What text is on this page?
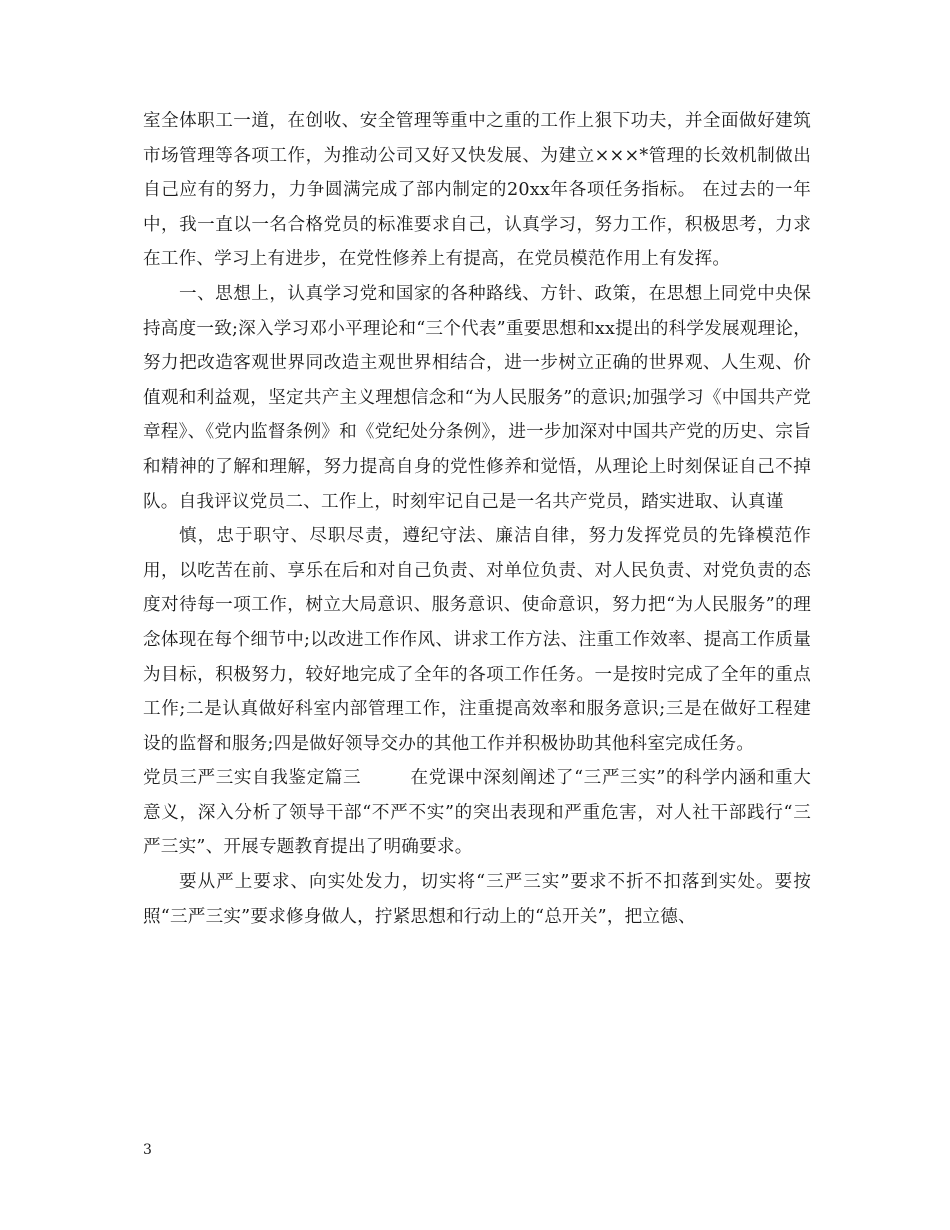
室全体职工一道，在创收、安全管理等重中之重的工作上狠下功夫，并全面做好建筑市场管理等各项工作，为推动公司又好又快发展、为建立×××*管理的长效机制做出自己应有的努力，力争圆满完成了部内制定的20xx年各项任务指标。 在过去的一年中，我一直以一名合格党员的标准要求自己，认真学习，努力工作，积极思考，力求在工作、学习上有进步，在党性修养上有提高，在党员模范作用上有发挥。

一、思想上，认真学习党和国家的各种路线、方针、政策，在思想上同党中央保持高度一致;深入学习邓小平理论和“三个代表”重要思想和xx提出的科学发展观理论，努力把改造客观世界同改造主观世界相结合，进一步树立正确的世界观、人生观、价值观和利益观，坚定共产主义理想信念和“为人民服务”的意识;加强学习《中国共产党章程》、《党内监督条例》和《党纪处分条例》，进一步加深对中国共产党的历史、宗旨和精神的了解和理解，努力提高自身的党性修养和觉悟，从理论上时刻保证自己不掉队。自我评议党员二、工作上，时刻牢记自己是一名共产党员，踏实进取、认真谨

慎，忠于职守、尽职尽责，遵纪守法、廉洁自律，努力发挥党员的先锋模范作用，以吃苦在前、享乐在后和对自己负责、对单位负责、对人民负责、对党负责的态度对待每一项工作，树立大局意识、服务意识、使命意识，努力把“为人民服务”的理念体现在每个细节中;以改进工作作风、讲求工作方法、注重工作效率、提高工作质量为目标，积极努力，较好地完成了全年的各项工作任务。一是按时完成了全年的重点工作;二是认真做好科室内部管理工作，注重提高效率和服务意识;三是在做好工程建设的监督和服务;四是做好领导交办的其他工作并积极协助其他科室完成任务。

党员三严三实自我鉴定篇三        在党课中深刻阐述了“三严三实”的科学内涵和重大意义，深入分析了领导干部“不严不实”的突出表现和严重危害，对人社干部践行“三严三实”、开展专题教育提出了明确要求。

要从严上要求、向实处发力，切实将“三严三实”要求不折不扣落到实处。要按照“三严三实”要求修身做人，拧紧思想和行动上的“总开关”，把立德、

3
